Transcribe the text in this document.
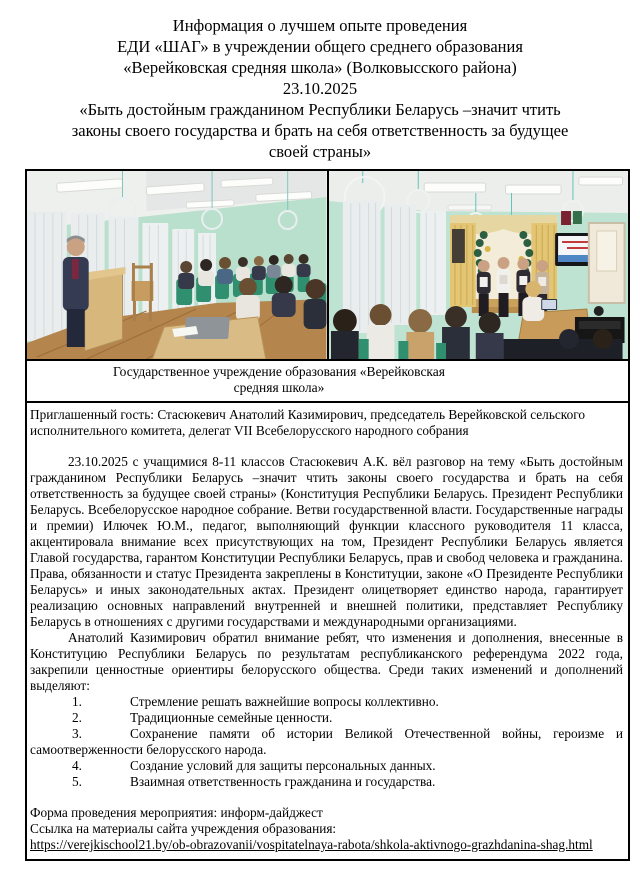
Информация о лучшем опыте проведения
ЕДИ «ШАГ» в учреждении общего среднего образования
«Верейковская средняя школа» (Волковысского района)
23.10.2025
«Быть достойным гражданином Республики Беларусь –значит чтить
законы своего государства и брать на себя ответственность за будущее
своей страны»
Государственное учреждение образования «Верейковская
средняя школа»

Приглашенный гость: Стасюкевич Анатолий Казимирович, председатель Верейковской сельского исполнительного комитета, делегат VII Всебелорусского народного собрания

23.10.2025 с учащимися 8-11 классов Стасюкевич А.К. вёл разговор на тему «Быть достойным гражданином Республики Беларусь –значит чтить законы своего государства и брать на себя ответственность за будущее своей страны» (Конституция Республики Беларусь. Президент Республики Беларусь. Всебелорусское народное собрание. Ветви государственной власти. Государственные награды и премии) Илючек Ю.М., педагог, выполняющий функции классного руководителя 11 класса, акцентировала внимание всех присутствующих на том, Президент Республики Беларусь является Главой государства, гарантом Конституции Республики Беларусь, прав и свобод человека и гражданина. Права, обязанности и статус Президента закреплены в Конституции, законе «О Президенте Республики Беларусь» и иных законодательных актах. Президент олицетворяет единство народа, гарантирует реализацию основных направлений внутренней и внешней политики, представляет Республику Беларусь в отношениях с другими государствами и международными организациями.

Анатолий Казимирович обратил внимание ребят, что изменения и дополнения, внесенные в Конституцию Республики Беларусь по результатам республиканского референдума 2022 года, закрепили ценностные ориентиры белорусского общества. Среди таких изменений и дополнений выделяют:

1.	Стремление решать важнейшие вопросы коллективно.

2.	Традиционные семейные ценности.

3.	Сохранение памяти об истории Великой Отечественной войны, героизме и самоотверженности белорусского народа.

4.	Создание условий для защиты персональных данных.

5.	Взаимная ответственность гражданина и государства.

Форма проведения мероприятия: информ-дайджест

Ссылка на материалы сайта учреждения образования:

https://verejkischool21.by/ob-obrazovanii/vospitatelnaya-rabota/shkola-aktivnogo-grazhdanina-shag.html
